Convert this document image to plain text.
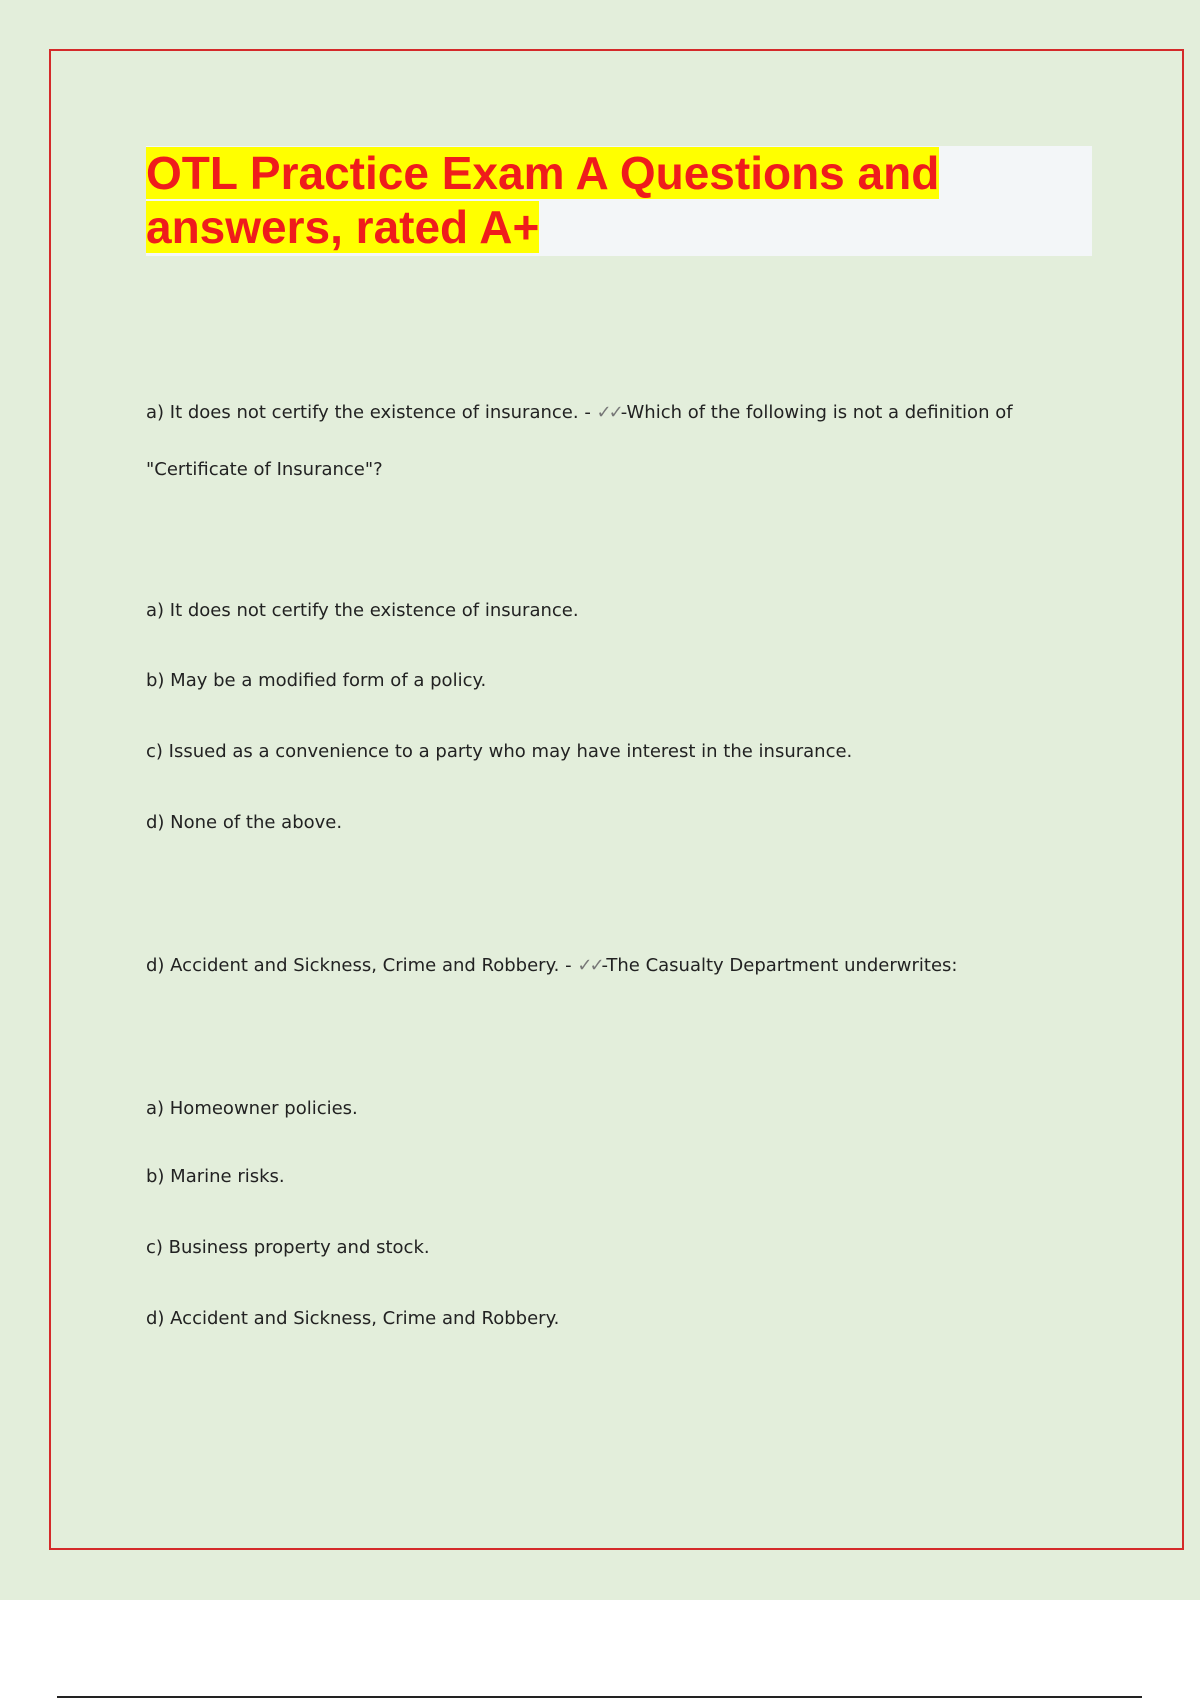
OTL Practice Exam A Questions and answers, rated A+

a) It does not certify the existence of insurance. - ✓✓-Which of the following is not a definition of

"Certificate of Insurance"?

a) It does not certify the existence of insurance.

b) May be a modified form of a policy.

c) Issued as a convenience to a party who may have interest in the insurance.

d) None of the above.

d) Accident and Sickness, Crime and Robbery. - ✓✓-The Casualty Department underwrites:

a) Homeowner policies.

b) Marine risks.

c) Business property and stock.

d) Accident and Sickness, Crime and Robbery.
